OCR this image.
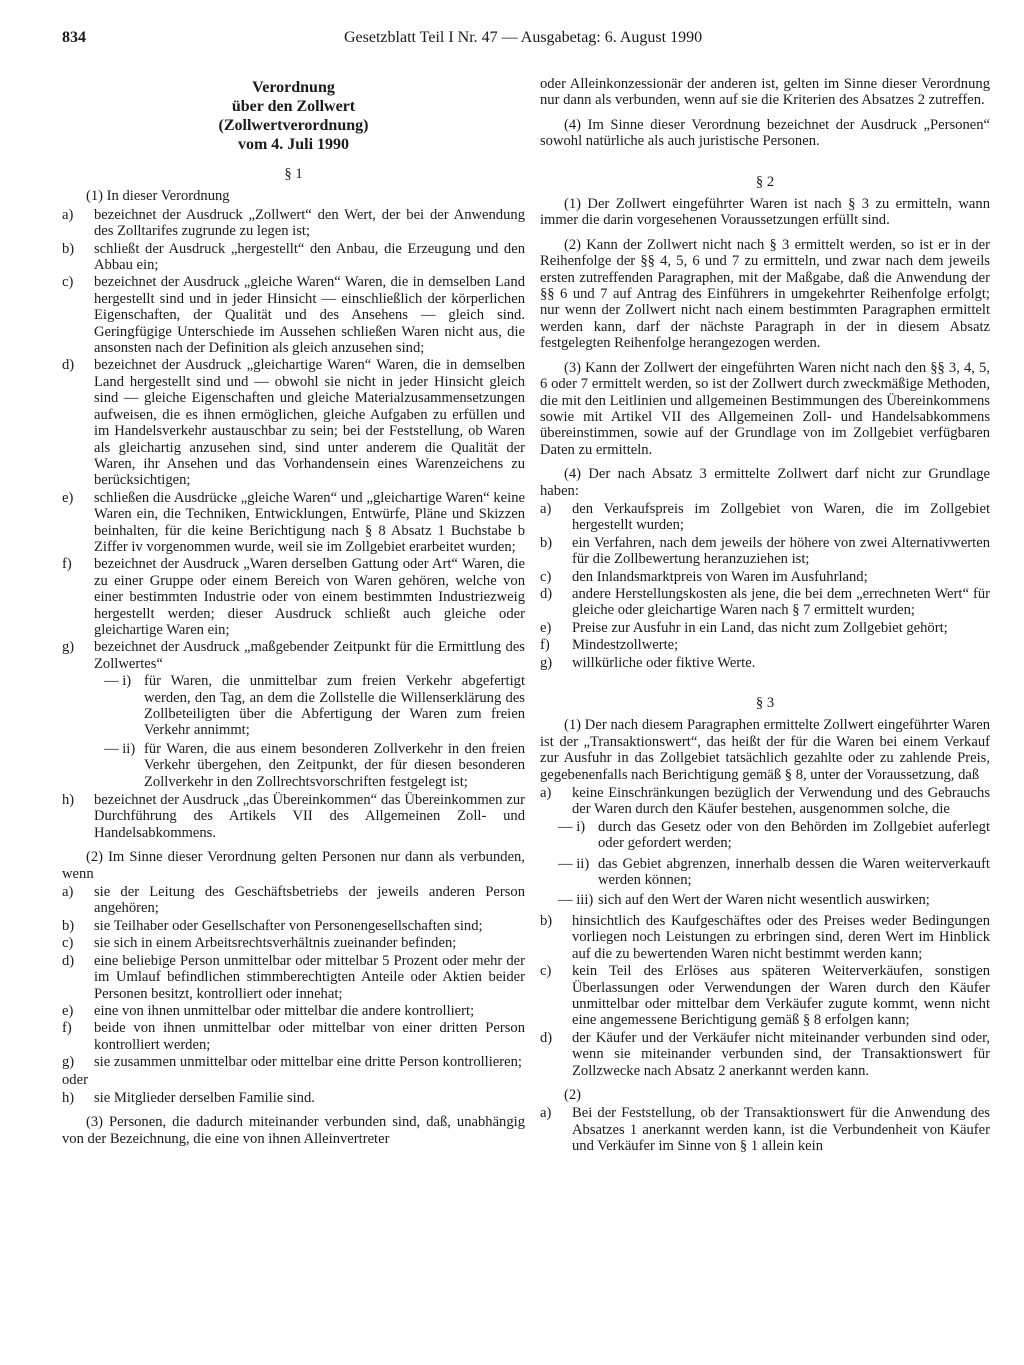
834	Gesetzblatt Teil I Nr. 47 — Ausgabetag: 6. August 1990
Verordnung
über den Zollwert
(Zollwertverordnung)
vom 4. Juli 1990
§ 1
(1) In dieser Verordnung
a)	bezeichnet der Ausdruck „Zollwert“ den Wert, der bei der Anwendung des Zolltarifes zugrunde zu legen ist;
b)	schließt der Ausdruck „hergestellt“ den Anbau, die Erzeugung und den Abbau ein;
c)	bezeichnet der Ausdruck „gleiche Waren“ Waren, die in demselben Land hergestellt sind und in jeder Hinsicht — einschließlich der körperlichen Eigenschaften, der Qualität und des Ansehens — gleich sind. Geringfügige Unterschiede im Aussehen schließen Waren nicht aus, die ansonsten nach der Definition als gleich anzusehen sind;
d)	bezeichnet der Ausdruck „gleichartige Waren“ Waren, die in demselben Land hergestellt sind und — obwohl sie nicht in jeder Hinsicht gleich sind — gleiche Eigenschaften und gleiche Materialzusammensetzungen aufweisen, die es ihnen ermöglichen, gleiche Aufgaben zu erfüllen und im Handelsverkehr austauschbar zu sein; bei der Feststellung, ob Waren als gleichartig anzusehen sind, sind unter anderem die Qualität der Waren, ihr Ansehen und das Vorhandensein eines Warenzeichens zu berücksichtigen;
e)	schließen die Ausdrücke „gleiche Waren“ und „gleichartige Waren“ keine Waren ein, die Techniken, Entwicklungen, Entwürfe, Pläne und Skizzen beinhalten, für die keine Berichtigung nach § 8 Absatz 1 Buchstabe b Ziffer iv vorgenommen wurde, weil sie im Zollgebiet erarbeitet wurden;
f)	bezeichnet der Ausdruck „Waren derselben Gattung oder Art“ Waren, die zu einer Gruppe oder einem Bereich von Waren gehören, welche von einer bestimmten Industrie oder von einem bestimmten Industriezweig hergestellt werden; dieser Ausdruck schließt auch gleiche oder gleichartige Waren ein;
g)	bezeichnet der Ausdruck „maßgebender Zeitpunkt für die Ermittlung des Zollwertes“
— i) für Waren, die unmittelbar zum freien Verkehr abgefertigt werden, den Tag, an dem die Zollstelle die Willenserklärung des Zollbeteiligten über die Abfertigung der Waren zum freien Verkehr annimmt;
— ii) für Waren, die aus einem besonderen Zollverkehr in den freien Verkehr übergehen, den Zeitpunkt, der für diesen besonderen Zollverkehr in den Zollrechtsvorschriften festgelegt ist;
h)	bezeichnet der Ausdruck „das Übereinkommen“ das Übereinkommen zur Durchführung des Artikels VII des Allgemeinen Zoll- und Handelsabkommens.
(2) Im Sinne dieser Verordnung gelten Personen nur dann als verbunden, wenn
a)	sie der Leitung des Geschäftsbetriebs der jeweils anderen Person angehören;
b)	sie Teilhaber oder Gesellschafter von Personengesellschaften sind;
c)	sie sich in einem Arbeitsrechtsverhältnis zueinander befinden;
d)	eine beliebige Person unmittelbar oder mittelbar 5 Prozent oder mehr der im Umlauf befindlichen stimmberechtigten Anteile oder Aktien beider Personen besitzt, kontrolliert oder innehat;
e)	eine von ihnen unmittelbar oder mittelbar die andere kontrolliert;
f)	beide von ihnen unmittelbar oder mittelbar von einer dritten Person kontrolliert werden;
g)	sie zusammen unmittelbar oder mittelbar eine dritte Person kontrollieren;
oder
h)	sie Mitglieder derselben Familie sind.
(3) Personen, die dadurch miteinander verbunden sind, daß, unabhängig von der Bezeichnung, die eine von ihnen Alleinvertreter
oder Alleinkonzessionär der anderen ist, gelten im Sinne dieser Verordnung nur dann als verbunden, wenn auf sie die Kriterien des Absatzes 2 zutreffen.
(4) Im Sinne dieser Verordnung bezeichnet der Ausdruck „Personen“ sowohl natürliche als auch juristische Personen.
§ 2
(1) Der Zollwert eingeführter Waren ist nach § 3 zu ermitteln, wann immer die darin vorgesehenen Voraussetzungen erfüllt sind.
(2) Kann der Zollwert nicht nach § 3 ermittelt werden, so ist er in der Reihenfolge der §§ 4, 5, 6 und 7 zu ermitteln, und zwar nach dem jeweils ersten zutreffenden Paragraphen, mit der Maßgabe, daß die Anwendung der §§ 6 und 7 auf Antrag des Einführers in umgekehrter Reihenfolge erfolgt; nur wenn der Zollwert nicht nach einem bestimmten Paragraphen ermittelt werden kann, darf der nächste Paragraph in der in diesem Absatz festgelegten Reihenfolge herangezogen werden.
(3) Kann der Zollwert der eingeführten Waren nicht nach den §§ 3, 4, 5, 6 oder 7 ermittelt werden, so ist der Zollwert durch zweckmäßige Methoden, die mit den Leitlinien und allgemeinen Bestimmungen des Übereinkommens sowie mit Artikel VII des Allgemeinen Zoll- und Handelsabkommens übereinstimmen, sowie auf der Grundlage von im Zollgebiet verfügbaren Daten zu ermitteln.
(4) Der nach Absatz 3 ermittelte Zollwert darf nicht zur Grundlage haben:
a)	den Verkaufspreis im Zollgebiet von Waren, die im Zollgebiet hergestellt wurden;
b)	ein Verfahren, nach dem jeweils der höhere von zwei Alternativwerten für die Zollbewertung heranzuziehen ist;
c)	den Inlandsmarktpreis von Waren im Ausfuhrland;
d)	andere Herstellungskosten als jene, die bei dem „errechneten Wert“ für gleiche oder gleichartige Waren nach § 7 ermittelt wurden;
e)	Preise zur Ausfuhr in ein Land, das nicht zum Zollgebiet gehört;
f)	Mindestzollwerte;
g)	willkürliche oder fiktive Werte.
§ 3
(1) Der nach diesem Paragraphen ermittelte Zollwert eingeführter Waren ist der „Transaktionswert“, das heißt der für die Waren bei einem Verkauf zur Ausfuhr in das Zollgebiet tatsächlich gezahlte oder zu zahlende Preis, gegebenenfalls nach Berichtigung gemäß § 8, unter der Voraussetzung, daß
a)	keine Einschränkungen bezüglich der Verwendung und des Gebrauchs der Waren durch den Käufer bestehen, ausgenommen solche, die
— i) durch das Gesetz oder von den Behörden im Zollgebiet auferlegt oder gefordert werden;
— ii) das Gebiet abgrenzen, innerhalb dessen die Waren weiterverkauft werden können;
— iii) sich auf den Wert der Waren nicht wesentlich auswirken;
b)	hinsichtlich des Kaufgeschäftes oder des Preises weder Bedingungen vorliegen noch Leistungen zu erbringen sind, deren Wert im Hinblick auf die zu bewertenden Waren nicht bestimmt werden kann;
c)	kein Teil des Erlöses aus späteren Weiterverkäufen, sonstigen Überlassungen oder Verwendungen der Waren durch den Käufer unmittelbar oder mittelbar dem Verkäufer zugute kommt, wenn nicht eine angemessene Berichtigung gemäß § 8 erfolgen kann;
d)	der Käufer und der Verkäufer nicht miteinander verbunden sind oder, wenn sie miteinander verbunden sind, der Transaktionswert für Zollzwecke nach Absatz 2 anerkannt werden kann.
(2)
a)	Bei der Feststellung, ob der Transaktionswert für die Anwendung des Absatzes 1 anerkannt werden kann, ist die Verbundenheit von Käufer und Verkäufer im Sinne von § 1 allein kein
